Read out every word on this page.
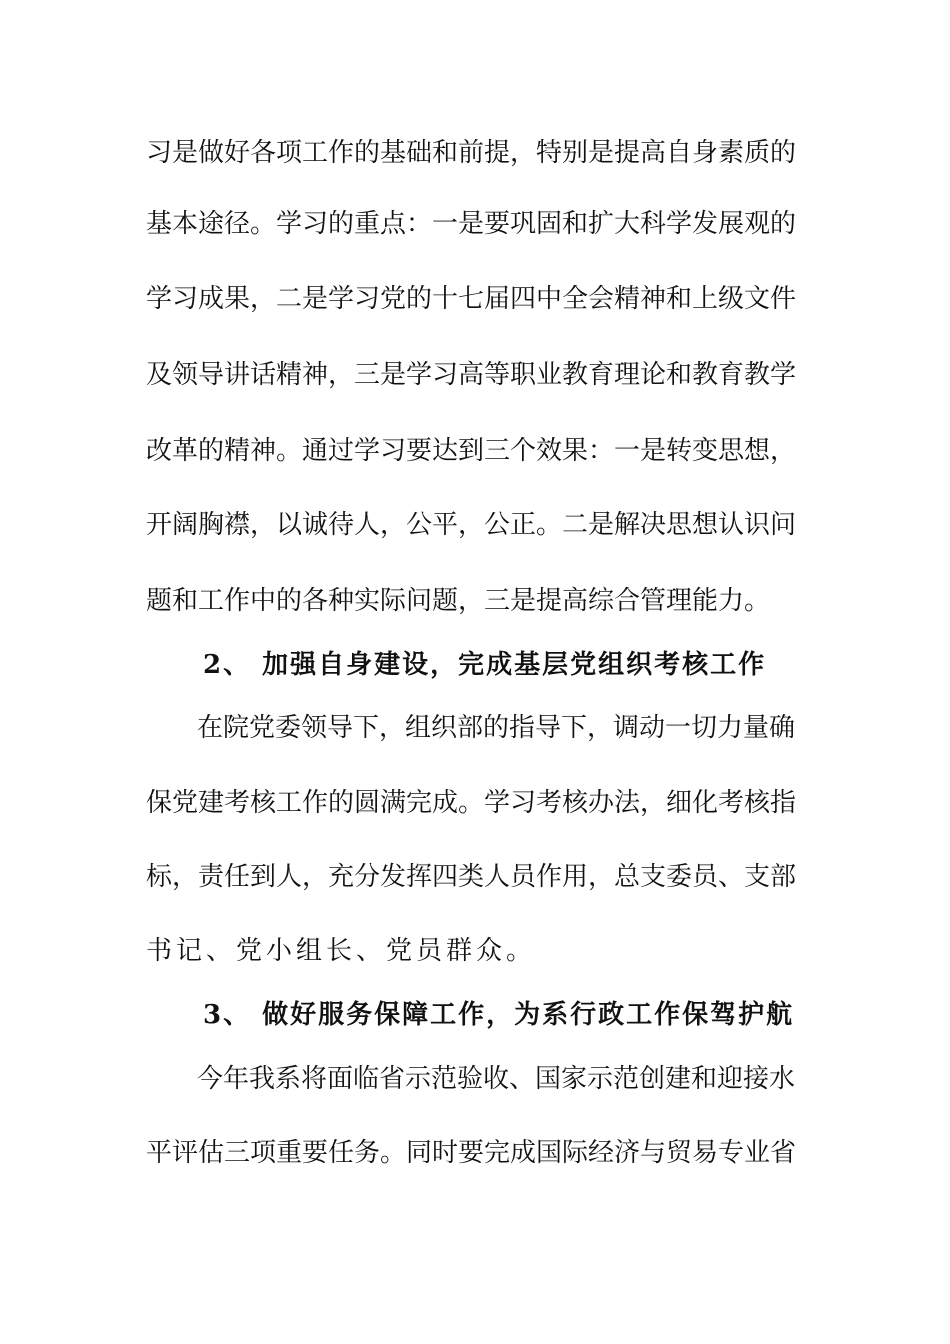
习是做好各项工作的基础和前提，特别是提高自身素质的
基本途径。学习的重点：一是要巩固和扩大科学发展观的
学习成果，二是学习党的十七届四中全会精神和上级文件
及领导讲话精神，三是学习高等职业教育理论和教育教学
改革的精神。通过学习要达到三个效果：一是转变思想，
开阔胸襟，以诚待人，公平，公正。二是解决思想认识问
题和工作中的各种实际问题，三是提高综合管理能力。
2、 加强自身建设，完成基层党组织考核工作
在院党委领导下，组织部的指导下，调动一切力量确
保党建考核工作的圆满完成。学习考核办法，细化考核指
标，责任到人，充分发挥四类人员作用，总支委员、支部
书记、党小组长、党员群众。
3、 做好服务保障工作，为系行政工作保驾护航
今年我系将面临省示范验收、国家示范创建和迎接水
平评估三项重要任务。同时要完成国际经济与贸易专业省
